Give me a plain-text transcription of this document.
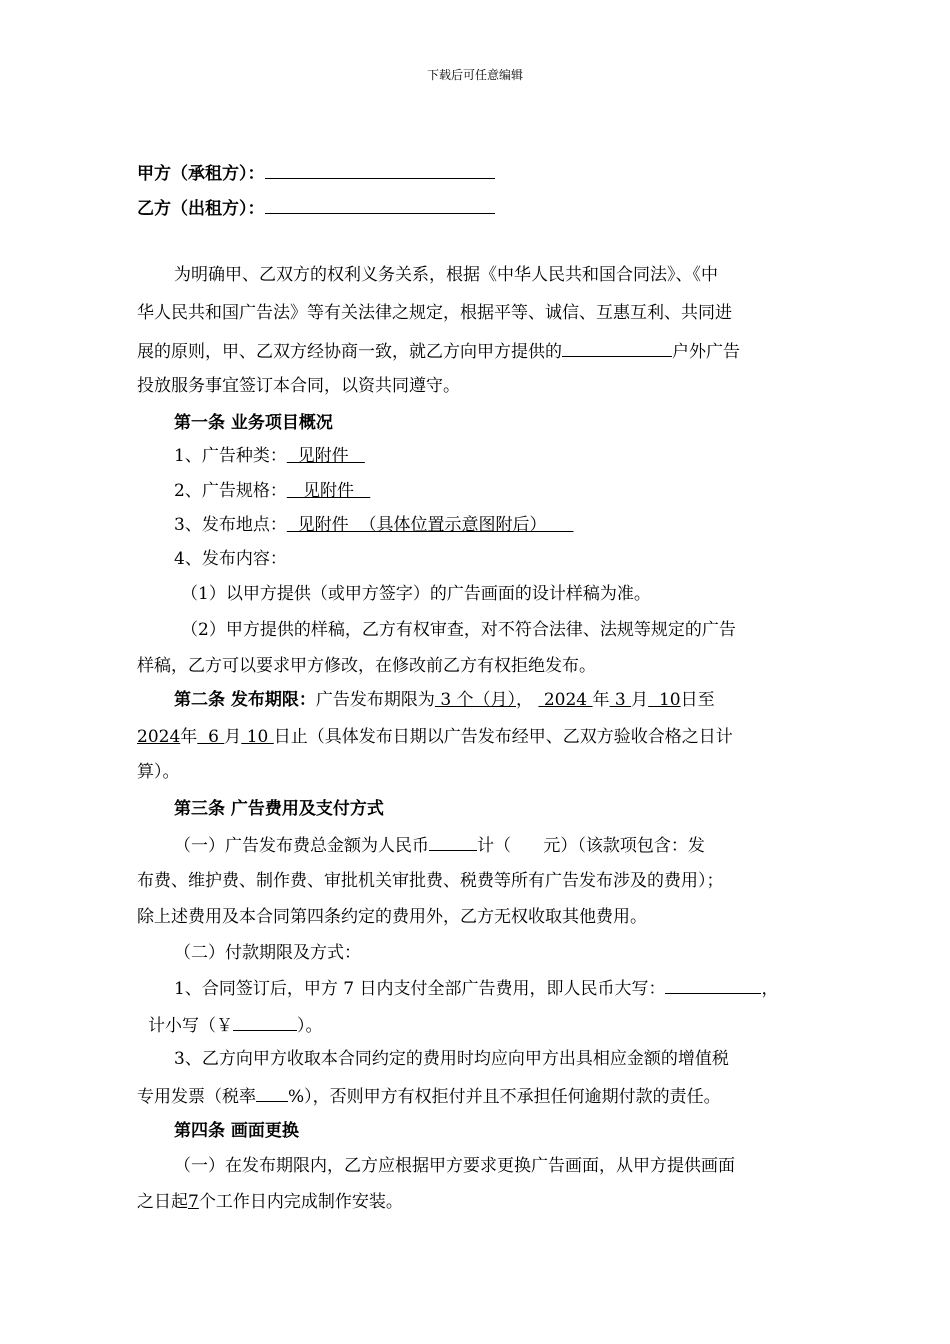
下载后可任意编辑
甲方（承租方）：
乙方（出租方）：
为明确甲、乙双方的权利义务关系，根据《中华人民共和国合同法》、《中
华人民共和国广告法》等有关法律之规定，根据平等、诚信、互惠互利、共同进
展的原则，甲、乙双方经协商一致，就乙方向甲方提供的	户外广告
投放服务事宜签订本合同，以资共同遵守。
第一条 业务项目概况
1、广告种类：  见附件
2、广告规格：   见附件
3、发布地点：  见附件  （具体位置示意图附后）
4、发布内容：
（1）以甲方提供（或甲方签字）的广告画面的设计样稿为准。
（2）甲方提供的样稿，乙方有权审查，对不符合法律、法规等规定的广告
样稿，乙方可以要求甲方修改，在修改前乙方有权拒绝发布。
第二条 发布期限：广告发布期限为 3 个（月），  2024 年 3 月  10日至
2024年  6 月 10 日止（具体发布日期以广告发布经甲、乙双方验收合格之日计
算）。
第三条 广告费用及支付方式
（一）广告发布费总金额为人民币	计（      元）（该款项包含：发
布费、维护费、制作费、审批机关审批费、税费等所有广告发布涉及的费用）；
除上述费用及本合同第四条约定的费用外，乙方无权收取其他费用。
（二）付款期限及方式：
1、合同签订后，甲方 7 日内支付全部广告费用，即人民币大写：	，
计小写（￥	）。
3、乙方向甲方收取本合同约定的费用时均应向甲方出具相应金额的增值税
专用发票（税率 %），否则甲方有权拒付并且不承担任何逾期付款的责任。
第四条 画面更换
（一）在发布期限内，乙方应根据甲方要求更换广告画面，从甲方提供画面
之日起7个工作日内完成制作安装。
